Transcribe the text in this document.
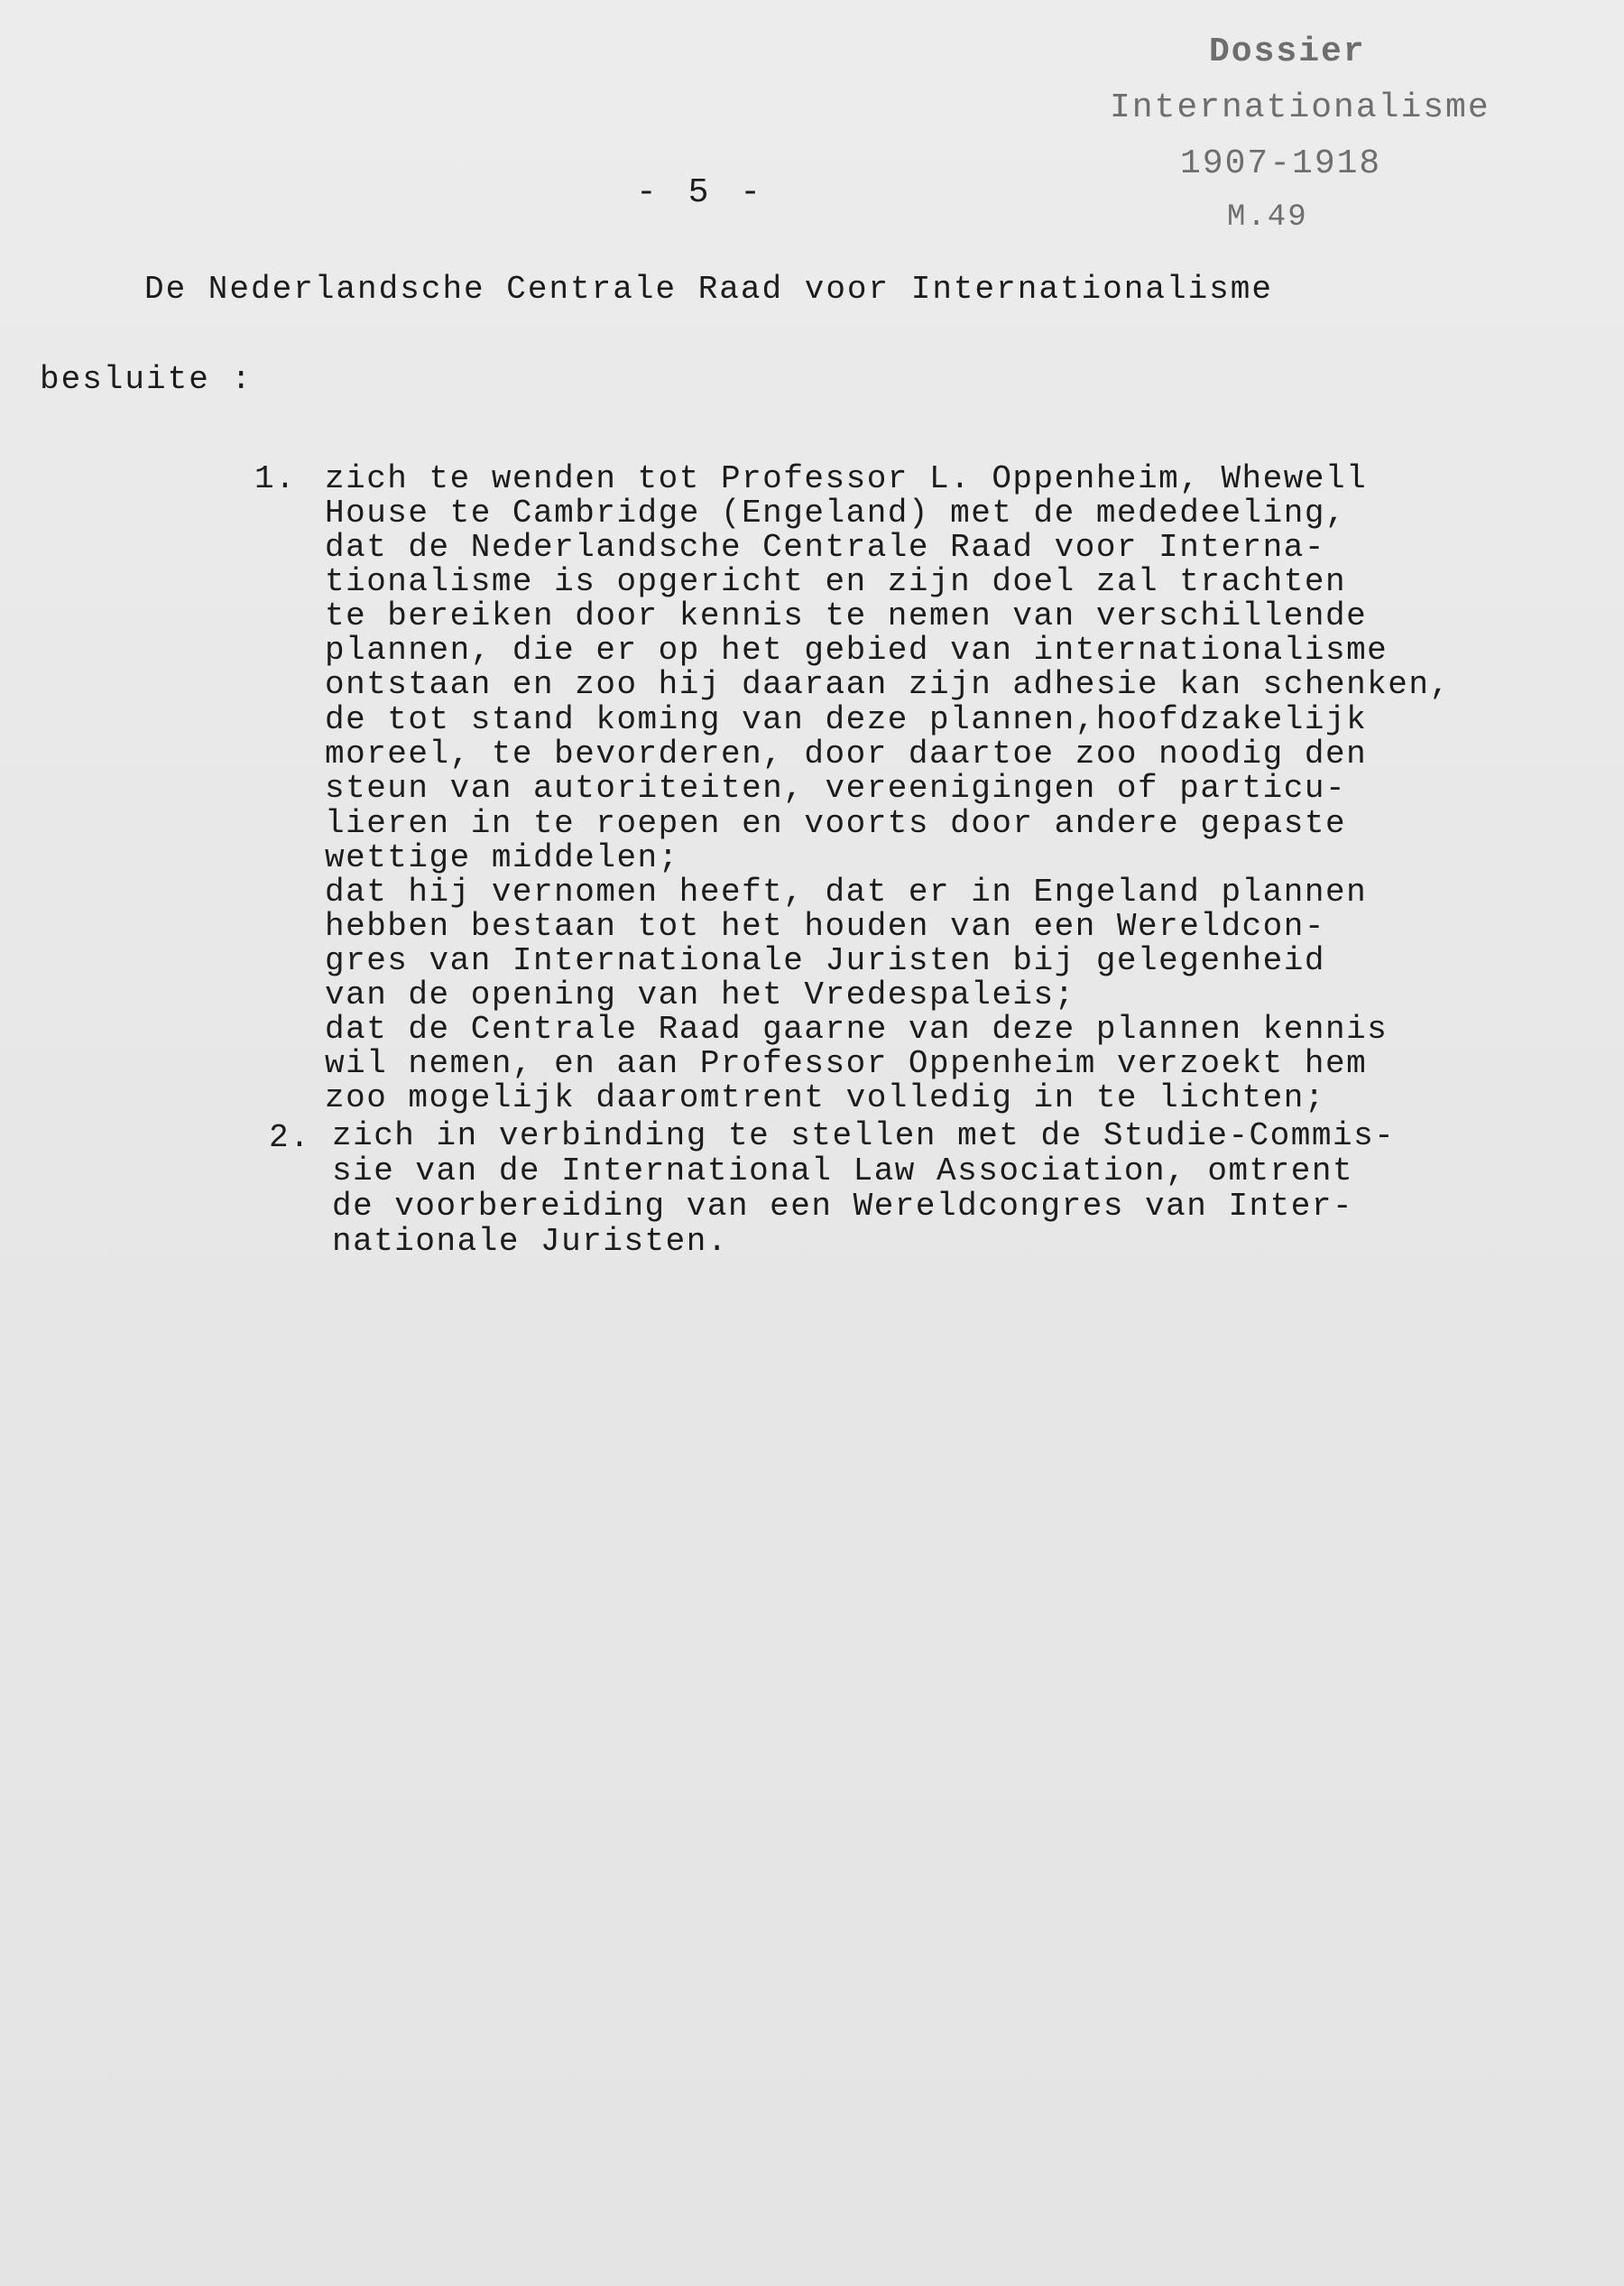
Dossier
Internationalisme
1907-1918
M.49
- 5 -
De Nederlandsche Centrale Raad voor Internationalisme
besluite :
1. zich te wenden tot Professor L. Oppenheim, Whewell
House te Cambridge (Engeland) met de mededeeling,
dat de Nederlandsche Centrale Raad voor Interna-
tionalisme is opgericht en zijn doel zal trachten
te bereiken door kennis te nemen van verschillende
plannen, die er op het gebied van internationalisme
ontstaan en zoo hij daaraan zijn adhesie kan schenken,
de tot stand koming van deze plannen,hoofdzakelijk
moreel, te bevorderen, door daartoe zoo noodig den
steun van autoriteiten, vereenigingen of particu-
lieren in te roepen en voorts door andere gepaste
wettige middelen;
dat hij vernomen heeft, dat er in Engeland plannen
hebben bestaan tot het houden van een Wereldcon-
gres van Internationale Juristen bij gelegenheid
van de opening van het Vredespaleis;
dat de Centrale Raad gaarne van deze plannen kennis
wil nemen, en aan Professor Oppenheim verzoekt hem
zoo mogelijk daaromtrent volledig in te lichten;
2. zich in verbinding te stellen met de Studie-Commis-
sie van de International Law Association, omtrent
de voorbereiding van een Wereldcongres van Inter-
nationale Juristen.
